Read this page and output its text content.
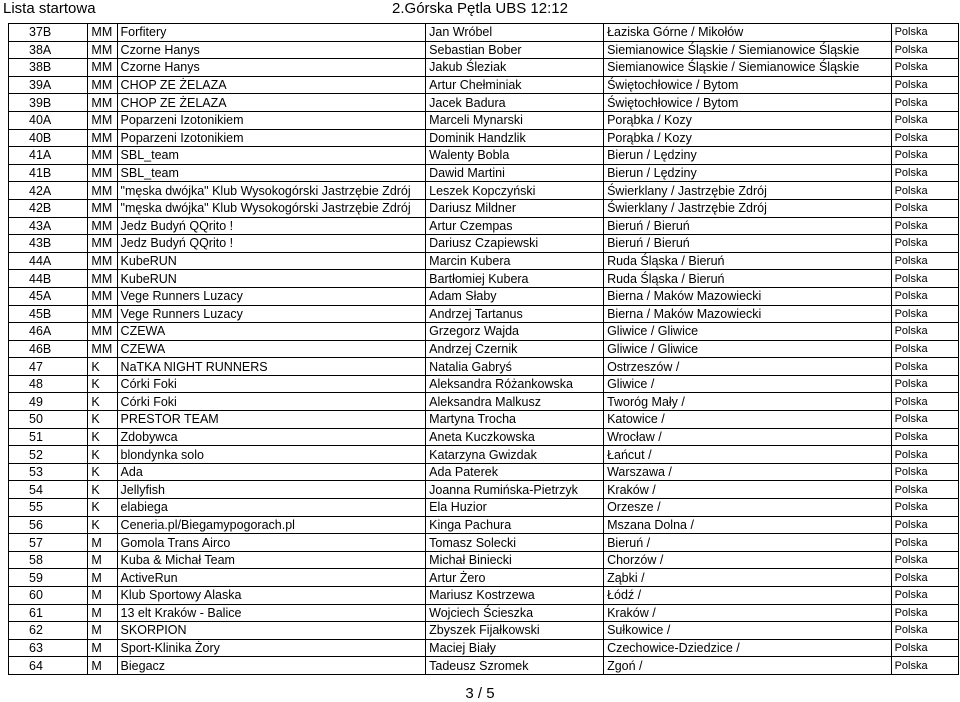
Lista startowa	2.Górska Pętla UBS 12:12
37B	MM	Forfitery	Jan Wróbel	Łaziska Górne / Mikołów	Polska
38A	MM	Czorne Hanys	Sebastian Bober	Siemianowice Śląskie / Siemianowice Śląskie	Polska
38B	MM	Czorne Hanys	Jakub Śleziak	Siemianowice Śląskie / Siemianowice Śląskie	Polska
39A	MM	CHOP ZE ŻELAZA	Artur Chełminiak	Świętochłowice / Bytom	Polska
39B	MM	CHOP ZE ŻELAZA	Jacek Badura	Świętochłowice / Bytom	Polska
40A	MM	Poparzeni Izotonikiem	Marceli Mynarski	Porąbka / Kozy	Polska
40B	MM	Poparzeni Izotonikiem	Dominik Handzlik	Porąbka / Kozy	Polska
41A	MM	SBL_team	Walenty Bobla	Bierun / Lędziny	Polska
41B	MM	SBL_team	Dawid Martini	Bierun / Lędziny	Polska
42A	MM	"męska dwójka" Klub Wysokogórski Jastrzębie Zdrój	Leszek Kopczyński	Świerklany / Jastrzębie Zdrój	Polska
42B	MM	"męska dwójka" Klub Wysokogórski Jastrzębie Zdrój	Dariusz Mildner	Świerklany / Jastrzębie Zdrój	Polska
43A	MM	Jedz Budyń QQrito !	Artur Czempas	Bieruń / Bieruń	Polska
43B	MM	Jedz Budyń QQrito !	Dariusz Czapiewski	Bieruń / Bieruń	Polska
44A	MM	KubeRUN	Marcin Kubera	Ruda Śląska / Bieruń	Polska
44B	MM	KubeRUN	Bartłomiej Kubera	Ruda Śląska / Bieruń	Polska
45A	MM	Vege Runners Luzacy	Adam Słaby	Bierna / Maków Mazowiecki	Polska
45B	MM	Vege Runners Luzacy	Andrzej Tartanus	Bierna / Maków Mazowiecki	Polska
46A	MM	CZEWA	Grzegorz Wajda	Gliwice / Gliwice	Polska
46B	MM	CZEWA	Andrzej Czernik	Gliwice / Gliwice	Polska
47	K	NaTKA NIGHT RUNNERS	Natalia Gabryś	Ostrzeszów /	Polska
48	K	Córki Foki	Aleksandra Różankowska	Gliwice /	Polska
49	K	Córki Foki	Aleksandra Malkusz	Tworóg Mały /	Polska
50	K	PRESTOR TEAM	Martyna Trocha	Katowice /	Polska
51	K	Zdobywca	Aneta Kuczkowska	Wrocław /	Polska
52	K	blondynka solo	Katarzyna Gwizdak	Łańcut /	Polska
53	K	Ada	Ada Paterek	Warszawa /	Polska
54	K	Jellyfish	Joanna Rumińska-Pietrzyk	Kraków /	Polska
55	K	elabiega	Ela Huzior	Orzesze /	Polska
56	K	Ceneria.pl/Biegamypogorach.pl	Kinga Pachura	Mszana Dolna /	Polska
57	M	Gomola Trans Airco	Tomasz Solecki	Bieruń /	Polska
58	M	Kuba & Michał Team	Michał Biniecki	Chorzów /	Polska
59	M	ActiveRun	Artur Żero	Ząbki /	Polska
60	M	Klub Sportowy Alaska	Mariusz Kostrzewa	Łódź /	Polska
61	M	13 elt Kraków - Balice	Wojciech Ścieszka	Kraków /	Polska
62	M	SKORPION	Zbyszek Fijałkowski	Sułkowice /	Polska
63	M	Sport-Klinika Żory	Maciej Biały	Czechowice-Dziedzice /	Polska
64	M	Biegacz	Tadeusz Szromek	Zgoń /	Polska
3 / 5
